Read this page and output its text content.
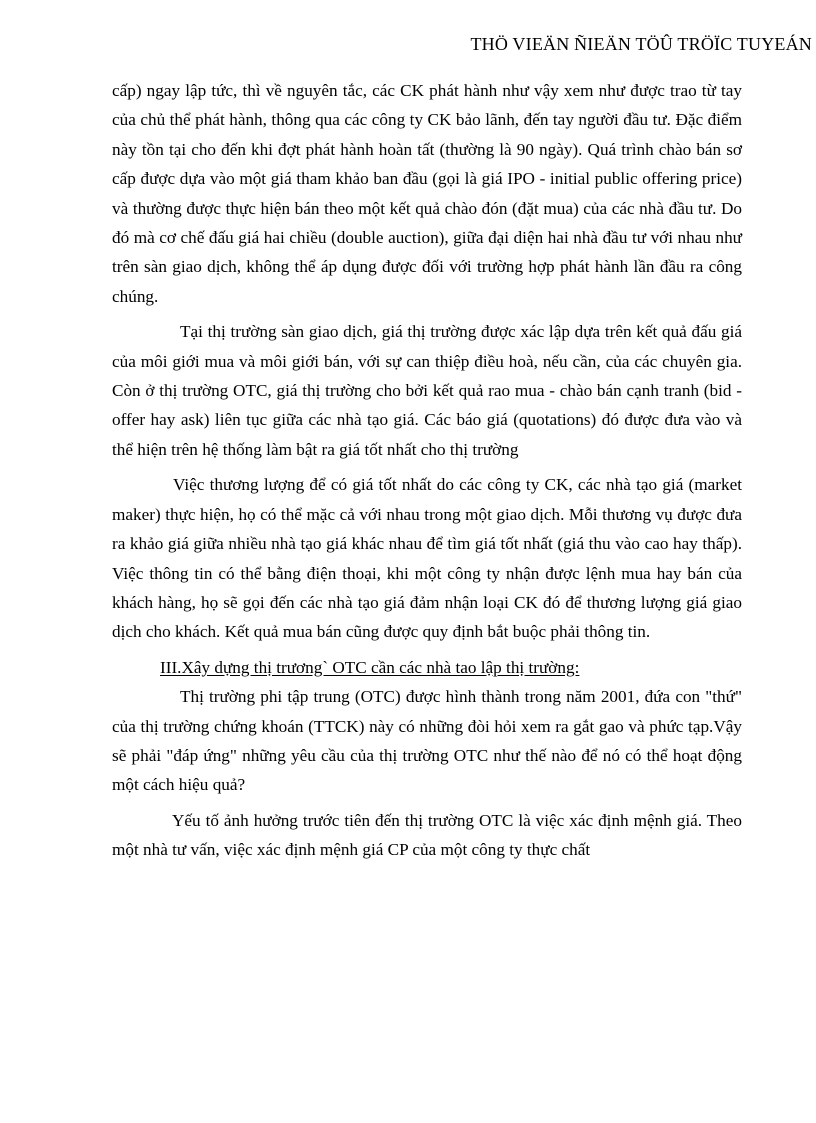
THÖ VIEÄN ÑIEÄN TÖÛ TRÖÏC TUYEÁN

cấp) ngay lập tức, thì về nguyên tắc, các CK phát hành như vậy xem như được trao từ tay của chủ thể phát hành, thông qua các công ty CK bảo lãnh, đến tay người đầu tư. Đặc điểm này tồn tại cho đến khi đợt phát hành hoàn tất (thường là 90 ngày). Quá trình chào bán sơ cấp được dựa vào một giá tham khảo ban đầu (gọi là giá IPO - initial public offering price) và thường được thực hiện bán theo một kết quả chào đón (đặt mua) của các nhà đầu tư. Do đó mà cơ chế đấu giá hai chiều (double auction), giữa đại diện hai nhà đầu tư với nhau như trên sàn giao dịch, không thể áp dụng được đối với trường hợp phát hành lần đầu ra công chúng.

Tại thị trường sàn giao dịch, giá thị trường được xác lập dựa trên kết quả đấu giá của môi giới mua và môi giới bán, với sự can thiệp điều hoà, nếu cần, của các chuyên gia. Còn ở thị trường OTC, giá thị trường cho bởi kết quả rao mua - chào bán cạnh tranh (bid - offer hay ask) liên tục giữa các nhà tạo giá. Các báo giá (quotations) đó được đưa vào và thể hiện trên hệ thống làm bật ra giá tốt nhất cho thị trường

Việc thương lượng để có giá tốt nhất do các công ty CK, các nhà tạo giá (market maker) thực hiện, họ có thể mặc cả với nhau trong một giao dịch. Mỗi thương vụ được đưa ra khảo giá giữa nhiều nhà tạo giá khác nhau để tìm giá tốt nhất (giá thu vào cao hay thấp). Việc thông tin có thể bằng điện thoại, khi một công ty nhận được lệnh mua hay bán của khách hàng, họ sẽ gọi đến các nhà tạo giá đảm nhận loại CK đó để thương lượng giá giao dịch cho khách. Kết quả mua bán cũng được quy định bắt buộc phải thông tin.

III.Xây dựng thị trương` OTC cần các nhà tao lập thị trường:

Thị trường phi tập trung (OTC) được hình thành trong năm 2001, đứa con "thứ" của thị trường chứng khoán (TTCK) này có những đòi hỏi xem ra gắt gao và phức tạp.Vậy sẽ phải "đáp ứng" những yêu cầu của thị trường OTC như thế nào để nó có thể hoạt động một cách hiệu quả?

Yếu tố ảnh hưởng trước tiên đến thị trường OTC là việc xác định mệnh giá. Theo một nhà tư vấn, việc xác định mệnh giá CP của một công ty thực chất
